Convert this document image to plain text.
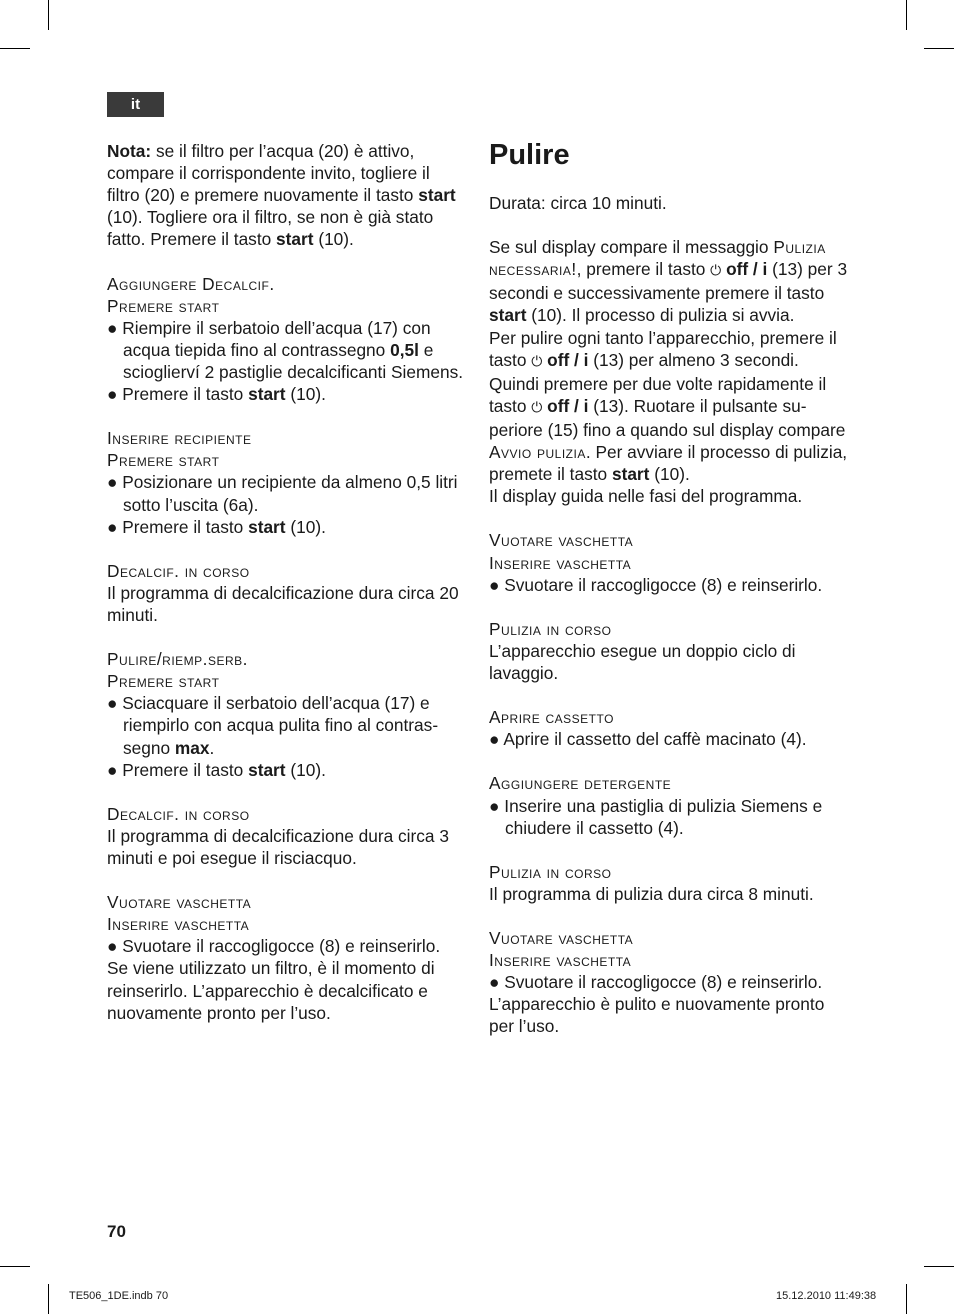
it

Nota: se il filtro per l’acqua (20) è attivo, compare il corrispondente invito, togliere il filtro (20) e premere nuovamente il tasto start (10). Togliere ora il filtro, se non è già stato fatto. Premere il tasto start (10).

Aggiungere Decalcif.

Premere start

● Riempire il serbatoio dell’acqua (17) con acqua tiepida fino al contrassegno 0,5l e scioglierví 2 pastiglie decalcificanti Siemens.

● Premere il tasto start (10).

Inserire recipiente

Premere start

● Posizionare un recipiente da almeno 0,5 litri sotto l’uscita (6a).

● Premere il tasto start (10).

Decalcif. in corso

Il programma di decalcificazione dura circa 20 minuti.

Pulire/riemp.serb.

Premere start

● Sciacquare il serbatoio dell’acqua (17) e riempirlo con acqua pulita fino al contrassegno max.

● Premere il tasto start (10).

Decalcif. in corso

Il programma di decalcificazione dura circa 3 minuti e poi esegue il risciacquo.

Vuotare vaschetta

Inserire vaschetta

● Svuotare il raccogligocce (8) e reinserirlo.

Se viene utilizzato un filtro, è il momento di reinserirlo. L’apparecchio è decalcificato e nuovamente pronto per l’uso.

Pulire

Durata: circa 10 minuti.

Se sul display compare il messaggio Pulizia necessaria!, premere il tasto ⏻ off / i (13) per 3 secondi e successivamente premere il tasto start (10). Il processo di pulizia si avvia.

Per pulire ogni tanto l’apparecchio, premere il tasto ⏻ off / i (13) per almeno 3 secondi. Quindi premere per due volte rapidamente il tasto ⏻ off / i (13). Ruotare il pulsante superiore (15) fino a quando sul display compare Avvio pulizia. Per avviare il processo di pulizia, premete il tasto start (10).

Il display guida nelle fasi del programma.

Vuotare vaschetta

Inserire vaschetta

● Svuotare il raccogligocce (8) e reinserirlo.

Pulizia in corso

L’apparecchio esegue un doppio ciclo di lavaggio.

Aprire cassetto

● Aprire il cassetto del caffè macinato (4).

Aggiungere detergente

● Inserire una pastiglia di pulizia Siemens e chiudere il cassetto (4).

Pulizia in corso

Il programma di pulizia dura circa 8 minuti.

Vuotare vaschetta

Inserire vaschetta

● Svuotare il raccogligocce (8) e reinserirlo.

L’apparecchio è pulito e nuovamente pronto per l’uso.

70
TE506_1DE.indb 70	15.12.2010 11:49:38
